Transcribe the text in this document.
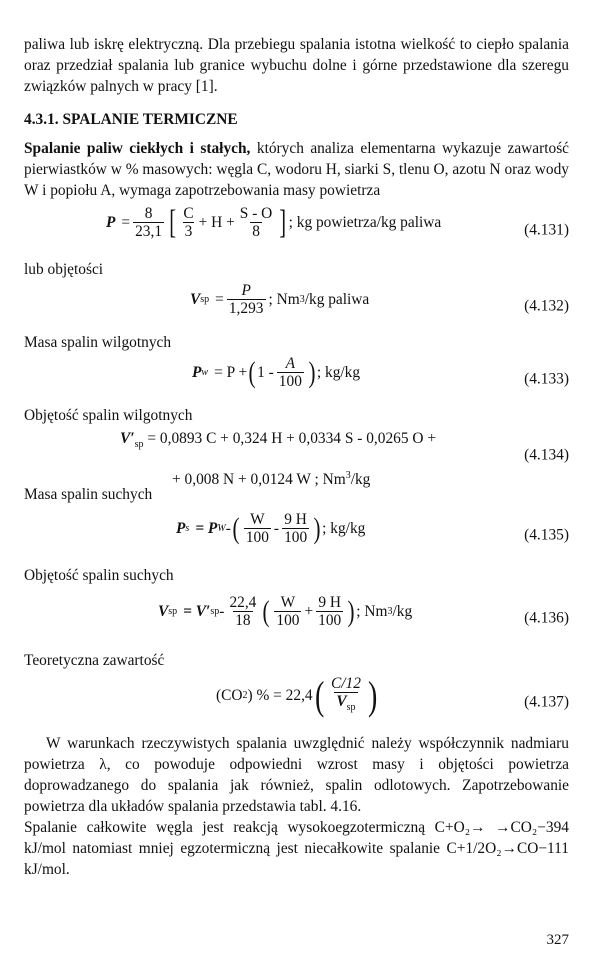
paliwa lub iskrę elektryczną. Dla przebiegu spalania istotna wielkość to ciepło spalania oraz przedział spalania lub granice wybuchu dolne i górne przedstawione dla szeregu związków palnych w pracy [1].

4.3.1. SPALANIE TERMICZNE

Spalanie paliw ciekłych i stałych, których analiza elementarna wykazuje zawartość pierwiastków w % masowych: węgla C, wodoru H, siarki S, tlenu O, azotu N oraz wody W i popiołu A, wymaga zapotrzebowania masy powietrza

$P = \frac{8}{23,1}$ [ $\frac{C}{3} + H + \frac{S - O}{8}$ ] ; kg powietrza/kg paliwa	(4.131)

lub objętości

V sp = $\frac{P}{1,293}$ ; Nm 3 /kg paliwa	(4.132)

Masa spalin wilgotnych

P w = P + ( $1 - \frac{A}{100}$ ) ; kg/kg	(4.133)

Objętość spalin wilgotnych

$V'_{sp} = 0,0893$ C + 0,324 H + 0,0334 S - 0,0265 O +
+ 0,008 N + 0,0124 W ; Nm$^3$/kg
(4.134)

Masa spalin suchych

P s = P W - ( $\frac{W}{100} - \frac{9 H}{100}$ ) ; kg/kg	(4.135)

Objętość spalin suchych

V sp = V′ sp - $\frac{22,4}{18}$ ( $\frac{W}{100} + \frac{9 H}{100}$ ) ; Nm 3 /kg	(4.136)

Teoretyczna zawartość

(CO 2 ) % = 22,4 ( $\frac{C/12}{V_{sp}}$ )	(4.137)

W warunkach rzeczywistych spalania uwzględnić należy współczynnik nadmiaru powietrza λ, co powoduje odpowiedni wzrost masy i objętości powietrza doprowadzanego do spalania jak również, spalin odlotowych. Zapotrzebowanie powietrza dla układów spalania przedstawia tabl. 4.16.

Spalanie całkowite węgla jest reakcją wysokoegzotermiczną C+O₂→ →CO₂−394 kJ/mol natomiast mniej egzotermiczną jest niecałkowite spalanie C+1/2O₂→CO−111 kJ/mol.

327
